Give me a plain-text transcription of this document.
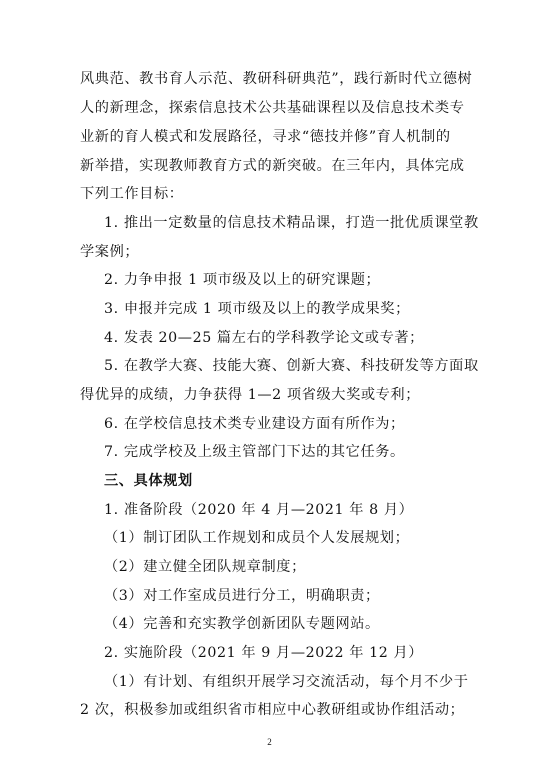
风典范、教书育人示范、教研科研典范”，践行新时代立德树
人的新理念，探索信息技术公共基础课程以及信息技术类专
业新的育人模式和发展路径，寻求“德技并修”育人机制的
新举措，实现教师教育方式的新突破。在三年内，具体完成
下列工作目标：
1. 推出一定数量的信息技术精品课，打造一批优质课堂教
学案例；
2. 力争申报 1 项市级及以上的研究课题；
3. 申报并完成 1 项市级及以上的教学成果奖；
4. 发表 20—25 篇左右的学科教学论文或专著；
5. 在教学大赛、技能大赛、创新大赛、科技研发等方面取
得优异的成绩，力争获得 1—2 项省级大奖或专利；
6. 在学校信息技术类专业建设方面有所作为；
7. 完成学校及上级主管部门下达的其它任务。
三、具体规划
1. 准备阶段（2020 年 4 月—2021 年 8 月）
（1）制订团队工作规划和成员个人发展规划；
（2）建立健全团队规章制度；
（3）对工作室成员进行分工，明确职责；
（4）完善和充实教学创新团队专题网站。
2. 实施阶段（2021 年 9 月—2022 年 12 月）
（1）有计划、有组织开展学习交流活动，每个月不少于
2 次，积极参加或组织省市相应中心教研组或协作组活动；
2
